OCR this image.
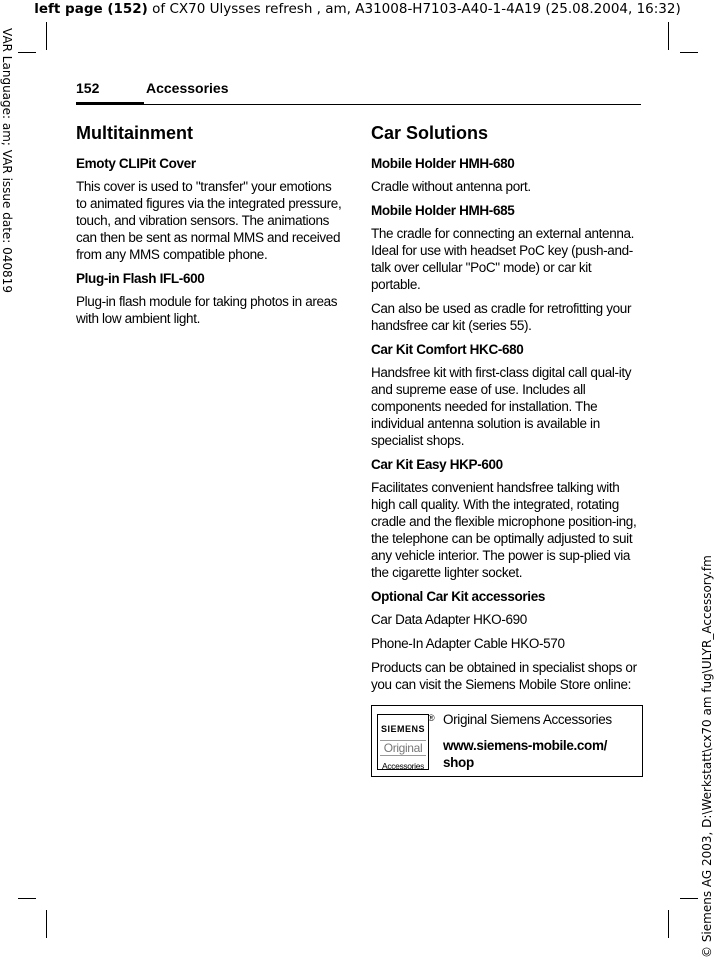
left page (152) of CX70 Ulysses refresh , am, A31008-H7103-A40-1-4A19 (25.08.2004, 16:32)
VAR Language: am; VAR issue date: 040819
© Siemens AG 2003, D:\Werkstatt\cx70 am fug\ULYR_Accessory.fm
152	Accessories
Multitainment
Emoty CLIPit Cover

This cover is used to "transfer" your emotions to animated figures via the integrated pressure, touch, and vibration sensors. The animations can then be sent as normal MMS and received from any MMS compatible phone.

Plug-in Flash IFL-600

Plug-in flash module for taking photos in areas with low ambient light.

Car Solutions
Mobile Holder HMH-680

Cradle without antenna port.

Mobile Holder HMH-685

The cradle for connecting an external antenna. Ideal for use with headset PoC key (push-and-talk over cellular "PoC" mode) or car kit portable.

Can also be used as cradle for retrofitting your handsfree car kit (series 55).

Car Kit Comfort HKC-680

Handsfree kit with first-class digital call qual-ity and supreme ease of use. Includes all components needed for installation. The individual antenna solution is available in specialist shops.

Car Kit Easy HKP-600

Facilitates convenient handsfree talking with high call quality. With the integrated, rotating cradle and the flexible microphone position-ing, the telephone can be optimally adjusted to suit any vehicle interior. The power is sup-plied via the cigarette lighter socket.

Optional Car Kit accessories

Car Data Adapter HKO-690

Phone-In Adapter Cable HKO-570

Products can be obtained in specialist shops or you can visit the Siemens Mobile Store online:

SIEMENS
Original
Accessories
® Original Siemens Accessories
www.siemens-mobile.com/ shop
